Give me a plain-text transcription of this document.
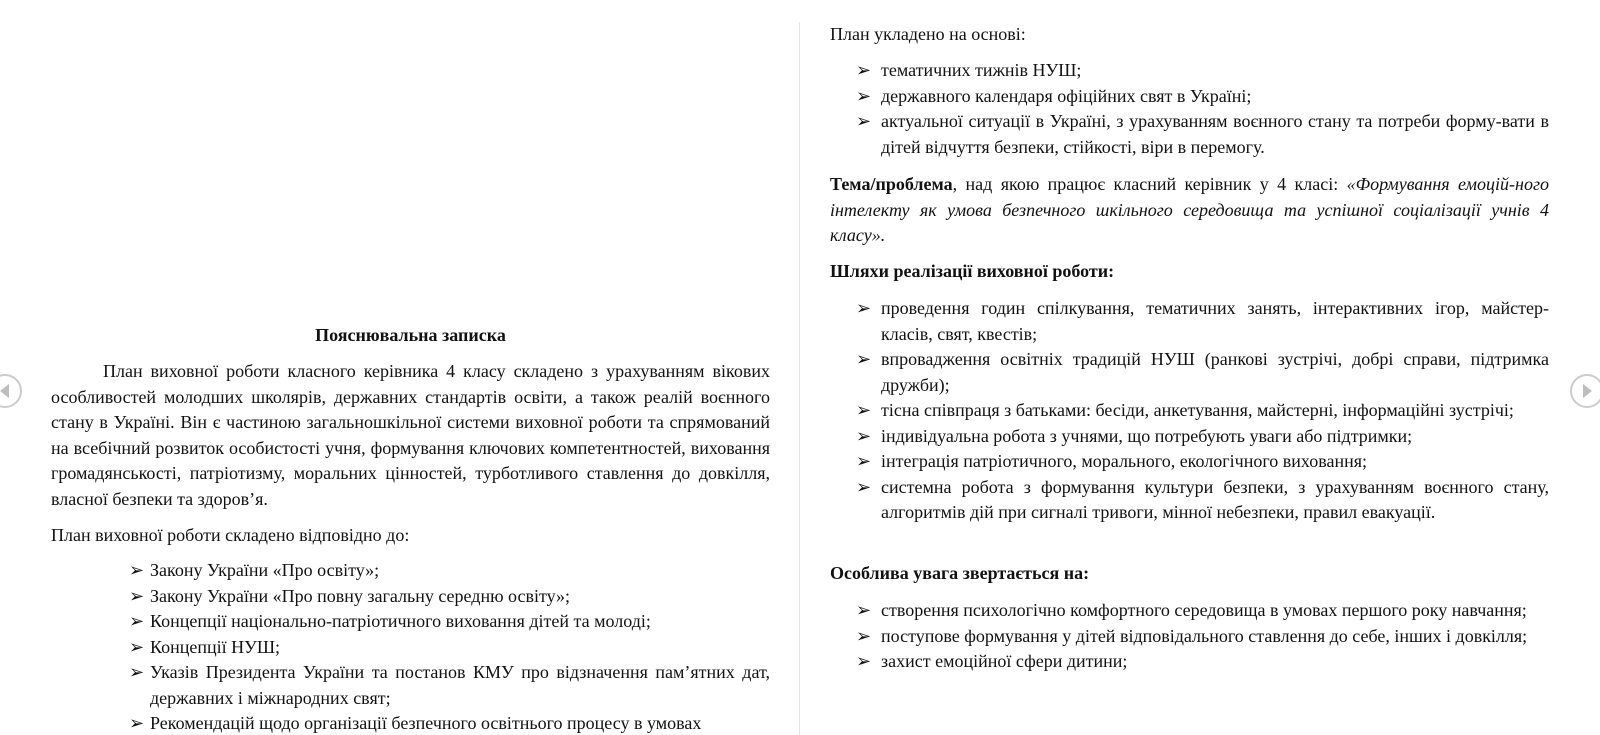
Пояснювальна записка

План виховної роботи класного керівника 4 класу складено з урахуванням вікових особливостей молодших школярів, державних стандартів освіти, а також реалій воєнного стану в Україні. Він є частиною загальношкільної системи виховної роботи та спрямований на всебічний розвиток особистості учня, формування ключових компетентностей, виховання громадянськості, патріотизму, моральних цінностей, турботливого ставлення до довкілля, власної безпеки та здоров’я.

План виховної роботи складено відповідно до:

➢ Закону України «Про освіту»;
➢ Закону України «Про повну загальну середню освіту»;
➢ Концепції національно-патріотичного виховання дітей та молоді;
➢ Концепції НУШ;
➢ Указів Президента України та постанов КМУ про відзначення пам’ятних дат, державних і міжнародних свят;
➢ Рекомендацій щодо організації безпечного освітнього процесу в умовах

План укладено на основі:

➢ тематичних тижнів НУШ;
➢ державного календаря офіційних свят в Україні;
➢ актуальної ситуації в Україні, з урахуванням воєнного стану та потреби форму-вати в дітей відчуття безпеки, стійкості, віри в перемогу.

Тема/проблема, над якою працює класний керівник у 4 класі: «Формування емоцій-ного інтелекту як умова безпечного шкільного середовища та успішної соціалізації учнів 4 класу».

Шляхи реалізації виховної роботи:
➢ проведення годин спілкування, тематичних занять, інтерактивних ігор, майстер-класів, свят, квестів;
➢ впровадження освітніх традицій НУШ (ранкові зустрічі, добрі справи, підтримка дружби);
➢ тісна співпраця з батьками: бесіди, анкетування, майстерні, інформаційні зустрічі;
➢ індивідуальна робота з учнями, що потребують уваги або підтримки;
➢ інтеграція патріотичного, морального, екологічного виховання;
➢ системна робота з формування культури безпеки, з урахуванням воєнного стану, алгоритмів дій при сигналі тривоги, мінної небезпеки, правил евакуації.
Особлива увага звертається на:
➢ створення психологічно комфортного середовища в умовах першого року навчання;
➢ поступове формування у дітей відповідального ставлення до себе, інших і довкілля;
➢ захист емоційної сфери дитини;
